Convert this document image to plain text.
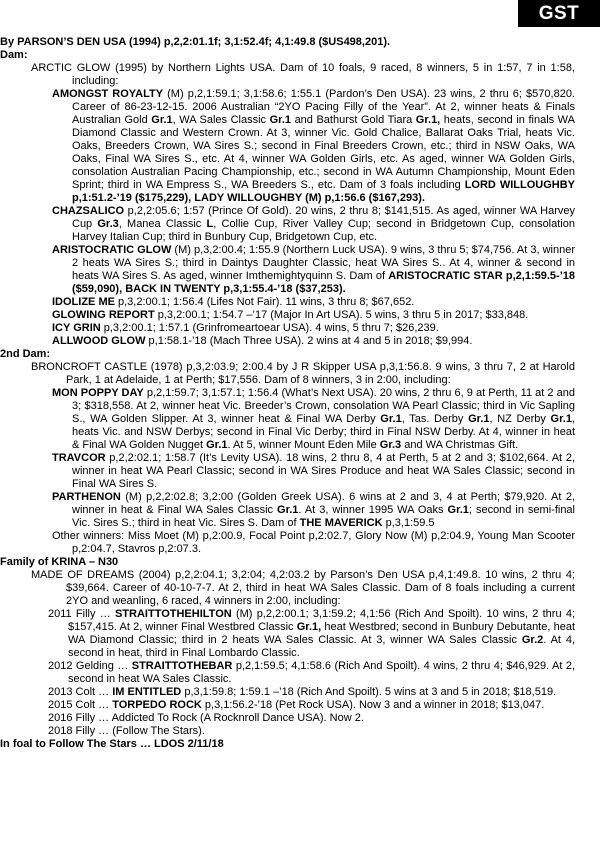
GST

By PARSON’S DEN USA (1994) p,2,2:01.1f; 3,1:52.4f; 4,1:49.8 ($US498,201).

Dam:

ARCTIC GLOW (1995) by Northern Lights USA. Dam of 10 foals, 9 raced, 8 winners, 5 in 1:57, 7 in 1:58, including:

AMONGST ROYALTY (M) p,2,1:59.1; 3,1:58.6; 1:55.1 (Pardon’s Den USA). 23 wins, 2 thru 6; $570,820. Career of 86-23-12-15. 2006 Australian “2YO Pacing Filly of the Year”. At 2, winner heats & Finals Australian Gold Gr.1, WA Sales Classic Gr.1 and Bathurst Gold Tiara Gr.1, heats, second in finals WA Diamond Classic and Western Crown. At 3, winner Vic. Gold Chalice, Ballarat Oaks Trial, heats Vic. Oaks, Breeders Crown, WA Sires S.; second in Final Breeders Crown, etc.; third in NSW Oaks, WA Oaks, Final WA Sires S., etc. At 4, winner WA Golden Girls, etc. As aged, winner WA Golden Girls, consolation Australian Pacing Championship, etc.; second in WA Autumn Championship, Mount Eden Sprint; third in WA Empress S., WA Breeders S., etc. Dam of 3 foals including LORD WILLOUGHBY p,1:51.2-’19 ($175,229), LADY WILLOUGHBY (M) p,1:56.6 ($167,293).

CHAZSALICO p,2,2:05.6; 1:57 (Prince Of Gold). 20 wins, 2 thru 8; $141,515. As aged, winner WA Harvey Cup Gr.3, Manea Classic L, Collie Cup, River Valley Cup; second in Bridgetown Cup, consolation Harvey Italian Cup; third in Bunbury Cup, Bridgetown Cup, etc.

ARISTOCRATIC GLOW (M) p,3,2:00.4; 1:55.9 (Northern Luck USA). 9 wins, 3 thru 5; $74,756. At 3, winner 2 heats WA Sires S.; third in Daintys Daughter Classic, heat WA Sires S.. At 4, winner & second in heats WA Sires S. As aged, winner Imthemightyquinn S. Dam of ARISTOCRATIC STAR p,2,1:59.5-’18 ($59,090), BACK IN TWENTY p,3,1:55.4-’18 ($37,253).

IDOLIZE ME p,3,2:00.1; 1:56.4 (Lifes Not Fair). 11 wins, 3 thru 8; $67,652.

GLOWING REPORT p,3,2:00.1; 1:54.7 –’17 (Major In Art USA). 5 wins, 3 thru 5 in 2017; $33,848.

ICY GRIN p,3,2:00.1; 1:57.1 (Grinfromeartoear USA). 4 wins, 5 thru 7; $26,239.

ALLWOOD GLOW p,1:58.1-’18 (Mach Three USA). 2 wins at 4 and 5 in 2018; $9,994.

2nd Dam:

BRONCROFT CASTLE (1978) p,3,2:03.9; 2:00.4 by J R Skipper USA p,3,1:56.8. 9 wins, 3 thru 7, 2 at Harold Park, 1 at Adelaide, 1 at Perth; $17,556. Dam of 8 winners, 3 in 2:00, including:

MON POPPY DAY p,2,1:59.7; 3,1:57.1; 1:56.4 (What’s Next USA). 20 wins, 2 thru 6, 9 at Perth, 11 at 2 and 3; $318,558. At 2, winner heat Vic. Breeder’s Crown, consolation WA Pearl Classic; third in Vic Sapling S., WA Golden Slipper. At 3, winner heat & Final WA Derby Gr.1, Tas. Derby Gr.1, NZ Derby Gr.1, heats Vic. and NSW Derbys; second in Final Vic Derby; third in Final NSW Derby. At 4, winner in heat & Final WA Golden Nugget Gr.1. At 5, winner Mount Eden Mile Gr.3 and WA Christmas Gift.

TRAVCOR p,2,2:02.1; 1:58.7 (It’s Levity USA). 18 wins, 2 thru 8, 4 at Perth, 5 at 2 and 3; $102,664. At 2, winner in heat WA Pearl Classic; second in WA Sires Produce and heat WA Sales Classic; second in Final WA Sires S.

PARTHENON (M) p,2,2:02.8; 3,2:00 (Golden Greek USA). 6 wins at 2 and 3, 4 at Perth; $79,920. At 2, winner in heat & Final WA Sales Classic Gr.1. At 3, winner 1995 WA Oaks Gr.1; second in semi-final Vic. Sires S.; third in heat Vic. Sires S. Dam of THE MAVERICK p,3,1:59.5

Other winners: Miss Moet (M) p,2:00.9, Focal Point p,2:02.7, Glory Now (M) p,2:04.9, Young Man Scooter p,2:04.7, Stavros p,2:07.3.

Family of KRINA – N30

MADE OF DREAMS (2004) p,2,2:04.1; 3,2:04; 4,2:03.2 by Parson’s Den USA p,4,1:49.8. 10 wins, 2 thru 4; $39,664. Career of 40-10-7-7. At 2, third in heat WA Sales Classic. Dam of 8 foals including a current 2YO and weanling, 6 raced, 4 winners in 2:00, including:

2011 Filly … STRAITTOTHEHILTON (M) p,2,2:00.1; 3,1:59.2; 4,1:56 (Rich And Spoilt). 10 wins, 2 thru 4; $157,415. At 2, winner Final Westbred Classic Gr.1, heat Westbred; second in Bunbury Debutante, heat WA Diamond Classic; third in 2 heats WA Sales Classic. At 3, winner WA Sales Classic Gr.2. At 4, second in heat, third in Final Lombardo Classic.

2012 Gelding … STRAITTOTHEBAR p,2,1:59.5; 4,1:58.6 (Rich And Spoilt). 4 wins, 2 thru 4; $46,929. At 2, second in heat WA Sales Classic.

2013 Colt … IM ENTITLED p,3,1:59.8; 1:59.1 –’18 (Rich And Spoilt). 5 wins at 3 and 5 in 2018; $18,519.

2015 Colt … TORPEDO ROCK p,3,1:56.2-’18 (Pet Rock USA). Now 3 and a winner in 2018; $13,047.

2016 Filly … Addicted To Rock (A Rocknroll Dance USA). Now 2.

2018 Filly … (Follow The Stars).

In foal to Follow The Stars … LDOS 2/11/18
